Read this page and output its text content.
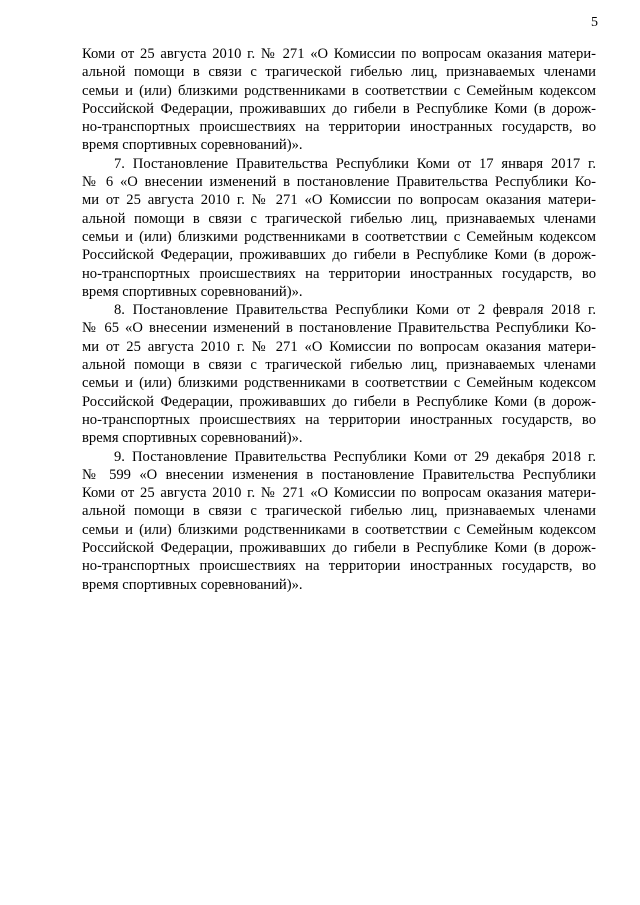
5
Коми от 25 августа 2010 г. № 271 «О Комиссии по вопросам оказания матери-
альной помощи в связи с трагической гибелью лиц, признаваемых членами
семьи и (или) близкими родственниками в соответствии с Семейным кодексом
Российской Федерации, проживавших до гибели в Республике Коми (в дорож-
но-транспортных происшествиях на территории иностранных государств, во
время спортивных соревнований)».
7. Постановление Правительства Республики Коми от 17 января 2017 г.
№ 6 «О внесении изменений в постановление Правительства Республики Ко-
ми от 25 августа 2010 г. № 271 «О Комиссии по вопросам оказания матери-
альной помощи в связи с трагической гибелью лиц, признаваемых членами
семьи и (или) близкими родственниками в соответствии с Семейным кодексом
Российской Федерации, проживавших до гибели в Республике Коми (в дорож-
но-транспортных происшествиях на территории иностранных государств, во
время спортивных соревнований)».
8. Постановление Правительства Республики Коми от 2 февраля 2018 г.
№ 65 «О внесении изменений в постановление Правительства Республики Ко-
ми от 25 августа 2010 г. № 271 «О Комиссии по вопросам оказания матери-
альной помощи в связи с трагической гибелью лиц, признаваемых членами
семьи и (или) близкими родственниками в соответствии с Семейным кодексом
Российской Федерации, проживавших до гибели в Республике Коми (в дорож-
но-транспортных происшествиях на территории иностранных государств, во
время спортивных соревнований)».
9. Постановление Правительства Республики Коми от 29 декабря 2018 г.
№ 599 «О внесении изменения в постановление Правительства Республики
Коми от 25 августа 2010 г. № 271 «О Комиссии по вопросам оказания матери-
альной помощи в связи с трагической гибелью лиц, признаваемых членами
семьи и (или) близкими родственниками в соответствии с Семейным кодексом
Российской Федерации, проживавших до гибели в Республике Коми (в дорож-
но-транспортных происшествиях на территории иностранных государств, во
время спортивных соревнований)».
